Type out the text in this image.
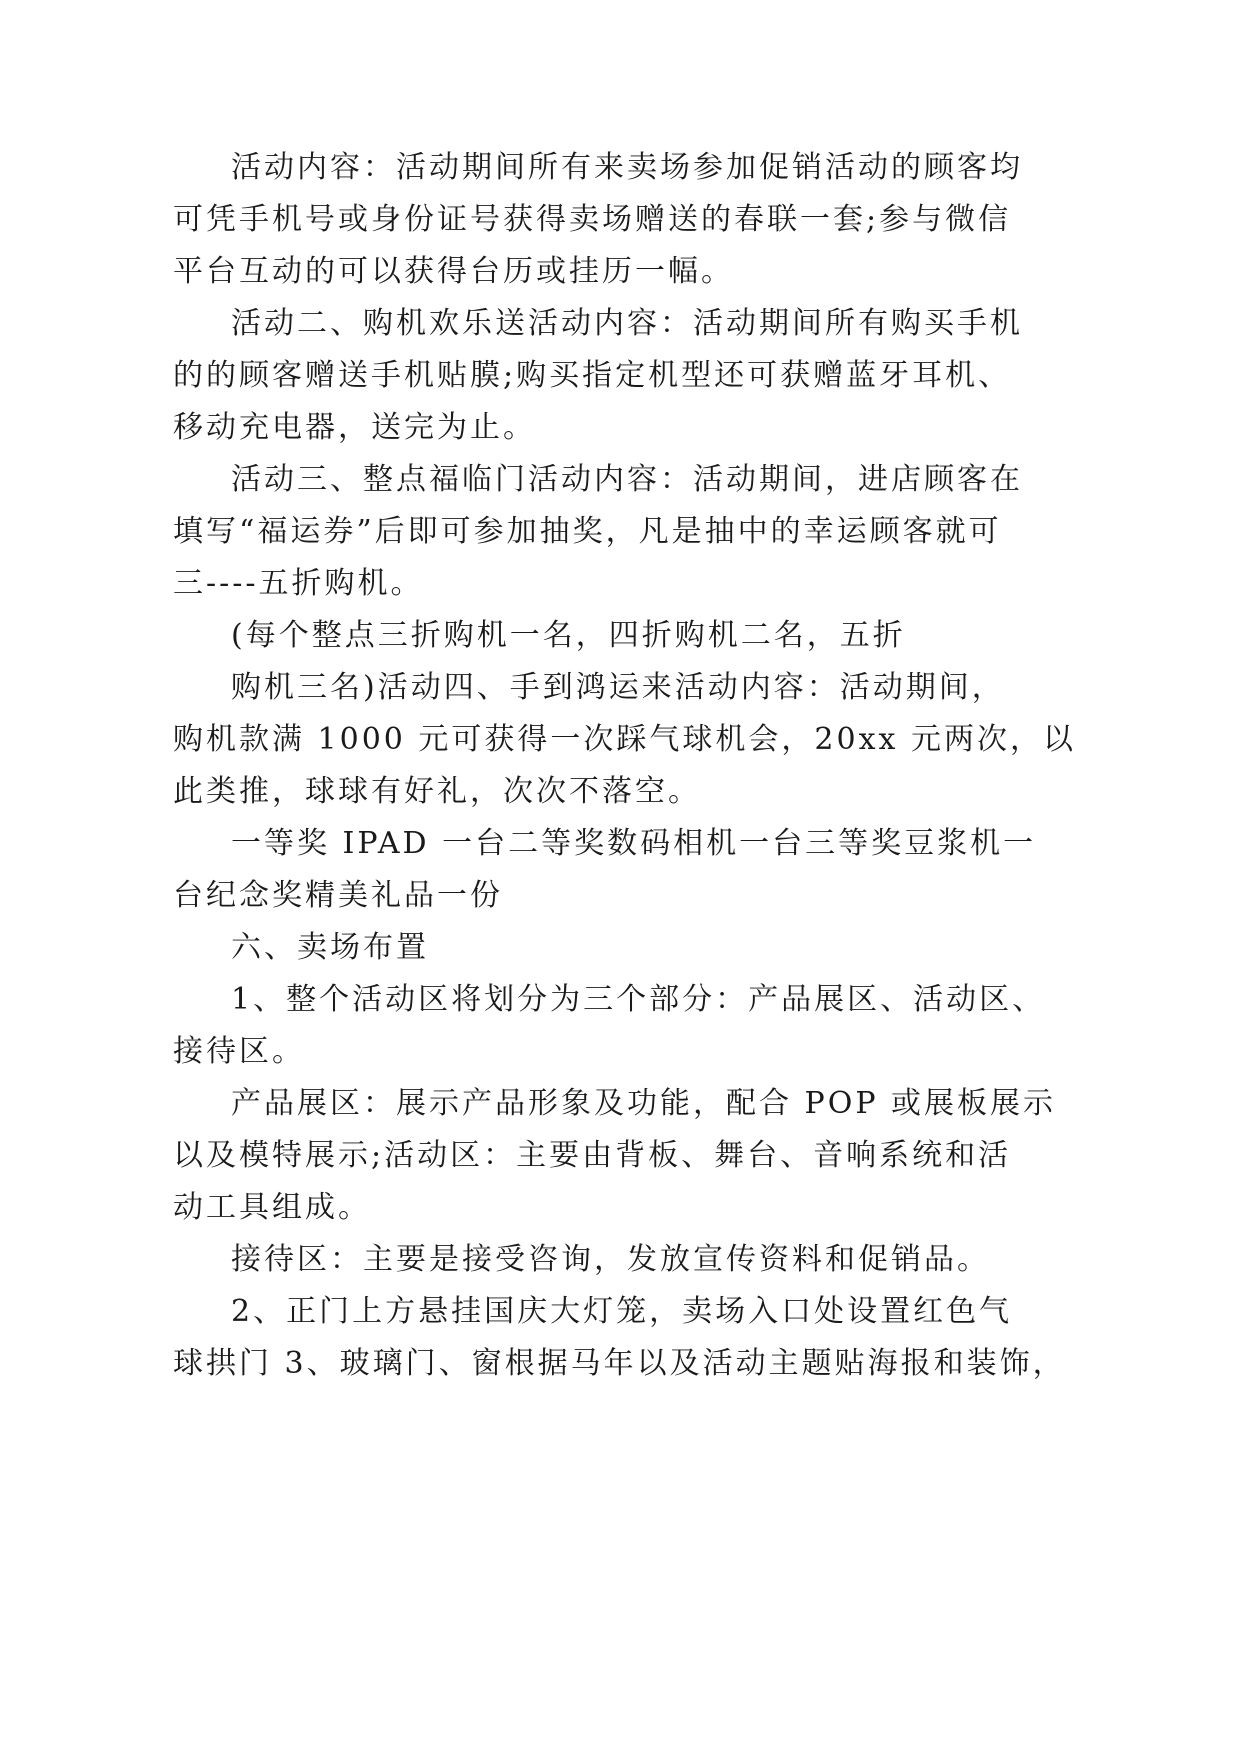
活动内容：活动期间所有来卖场参加促销活动的顾客均
可凭手机号或身份证号获得卖场赠送的春联一套;参与微信
平台互动的可以获得台历或挂历一幅。
活动二、购机欢乐送活动内容：活动期间所有购买手机
的的顾客赠送手机贴膜;购买指定机型还可获赠蓝牙耳机、
移动充电器，送完为止。
活动三、整点福临门活动内容：活动期间，进店顾客在
填写“福运券”后即可参加抽奖，凡是抽中的幸运顾客就可
三----五折购机。
(每个整点三折购机一名，四折购机二名，五折
购机三名)活动四、手到鸿运来活动内容：活动期间，
购机款满 1000 元可获得一次踩气球机会，20xx 元两次，以
此类推，球球有好礼，次次不落空。
一等奖 IPAD 一台二等奖数码相机一台三等奖豆浆机一
台纪念奖精美礼品一份
六、卖场布置
1、整个活动区将划分为三个部分：产品展区、活动区、
接待区。
产品展区：展示产品形象及功能，配合 POP 或展板展示
以及模特展示;活动区：主要由背板、舞台、音响系统和活
动工具组成。
接待区：主要是接受咨询，发放宣传资料和促销品。
2、正门上方悬挂国庆大灯笼，卖场入口处设置红色气
球拱门 3、玻璃门、窗根据马年以及活动主题贴海报和装饰，
